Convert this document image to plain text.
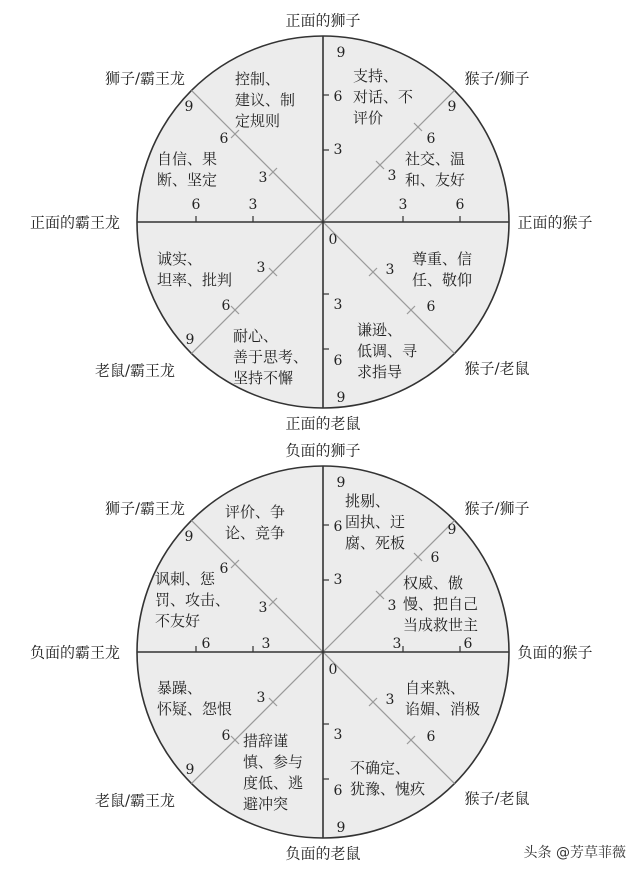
头条 @芳草菲薇
正面的狮子
正面的猴子
正面的霸王龙
正面的老鼠
狮子/霸王龙	猴子/狮子
老鼠/霸王龙	猴子/老鼠
9
6
3
0
3
6
9
3	6
3
6
3
6
9
3
6
9
3
6
9
3
6
控制、
建议、制
定规则
支持、
对话、不
评价
社交、温
和、友好
自信、果
断、坚定
诚实、
坦率、批判
耐心、
善于思考、
坚持不懈
尊重、信
任、敬仰
谦逊、
低调、寻
求指导
负面的狮子
负面的猴子
负面的霸王龙
负面的老鼠
狮子/霸王龙	猴子/狮子
老鼠/霸王龙	猴子/老鼠
9
6
3
0
3
6
9
3	6
3
6
3
6
9
3
6
9
3
6
9
3
6
评价、争
论、竞争
挑剔、
固执、迂
腐、死板
权威、傲
慢、把自己
当成救世主
讽刺、惩
罚、攻击、
不友好
暴躁、
怀疑、怨恨
措辞谨
慎、参与
度低、逃
避冲突
自来熟、
谄媚、消极
不确定、
犹豫、愧疚
